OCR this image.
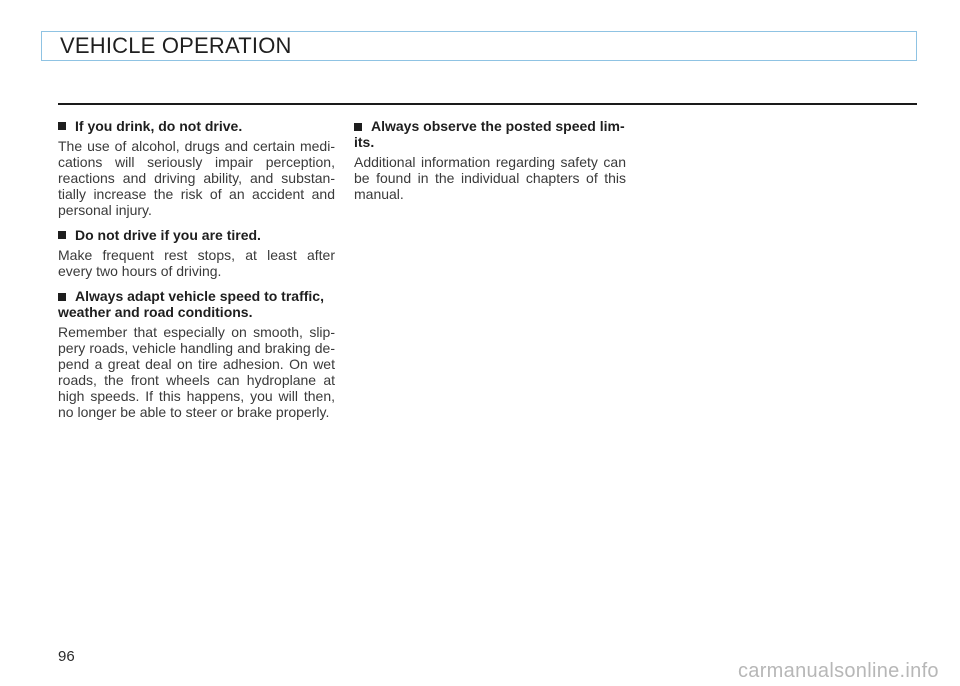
VEHICLE OPERATION
If you drink, do not drive.

The use of alcohol, drugs and certain medi- cations will seriously impair perception, reactions and driving ability, and substan- tially increase the risk of an accident and personal injury.

Do not drive if you are tired.

Make frequent rest stops, at least after every two hours of driving.

Always adapt vehicle speed to traffic, weather and road conditions.

Remember that especially on smooth, slip- pery roads, vehicle handling and braking de- pend a great deal on tire adhesion. On wet roads, the front wheels can hydroplane at high speeds. If this happens, you will then, no longer be able to steer or brake properly.

Always observe the posted speed lim- its.

Additional information regarding safety can be found in the individual chapters of this manual.

96
carmanualsonline.info
